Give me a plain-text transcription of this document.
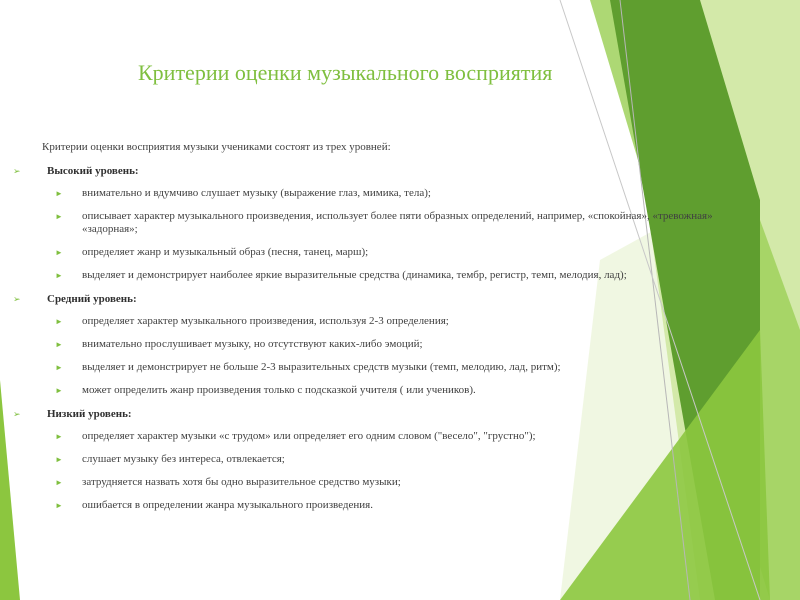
Критерии оценки музыкального восприятия
Критерии оценки восприятия музыки учениками состоят из трех уровней:
➢ Высокий уровень:
► внимательно и вдумчиво слушает музыку (выражение глаз, мимика, тела);
► описывает характер музыкального произведения, использует более пяти образных определений, например, «спокойная», «тревожная» «задорная»;
► определяет жанр и музыкальный образ (песня, танец, марш);
► выделяет и демонстрирует наиболее яркие выразительные средства (динамика, тембр, регистр, темп, мелодия, лад);
➢ Средний уровень:
► определяет характер музыкального произведения, используя 2-3 определения;
► внимательно прослушивает музыку, но отсутствуют каких-либо эмоций;
► выделяет и демонстрирует не больше 2-3 выразительных средств музыки (темп, мелодию, лад, ритм);
► может определить жанр произведения только с подсказкой учителя ( или учеников).
➢ Низкий уровень:
► определяет характер музыки «с трудом» или определяет его одним словом ("весело", "грустно");
► слушает музыку без интереса, отвлекается;
► затрудняется назвать хотя бы одно выразительное средство музыки;
► ошибается в определении жанра музыкального произведения.
